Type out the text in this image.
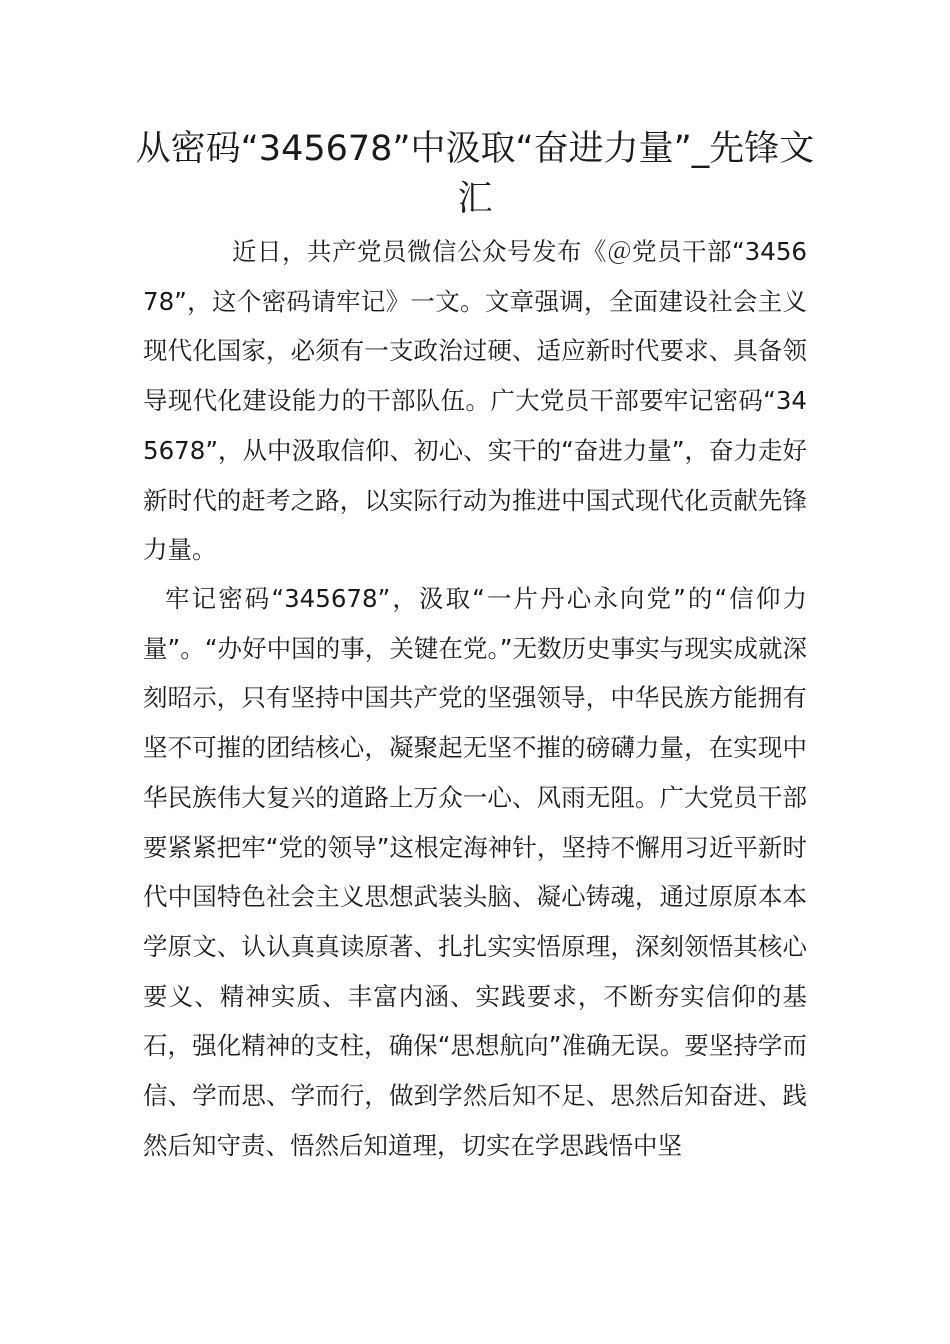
从密码“345678”中汲取“奋进力量”_先锋文汇

近日，共产党员微信公众号发布《＠党员干部“345678”，这个密码请牢记》一文。文章强调，全面建设社会主义现代化国家，必须有一支政治过硬、适应新时代要求、具备领导现代化建设能力的干部队伍。广大党员干部要牢记密码“345678”，从中汲取信仰、初心、实干的“奋进力量”，奋力走好新时代的赶考之路，以实际行动为推进中国式现代化贡献先锋力量。

牢记密码“345678”，汲取“一片丹心永向党”的“信仰力量”。“办好中国的事，关键在党。”无数历史事实与现实成就深刻昭示，只有坚持中国共产党的坚强领导，中华民族方能拥有坚不可摧的团结核心，凝聚起无坚不摧的磅礴力量，在实现中华民族伟大复兴的道路上万众一心、风雨无阻。广大党员干部要紧紧把牢“党的领导”这根定海神针，坚持不懈用习近平新时代中国特色社会主义思想武装头脑、凝心铸魂，通过原原本本学原文、认认真真读原著、扎扎实实悟原理，深刻领悟其核心要义、精神实质、丰富内涵、实践要求，不断夯实信仰的基石，强化精神的支柱，确保“思想航向”准确无误。要坚持学而信、学而思、学而行，做到学然后知不足、思然后知奋进、践然后知守责、悟然后知道理，切实在学思践悟中坚
